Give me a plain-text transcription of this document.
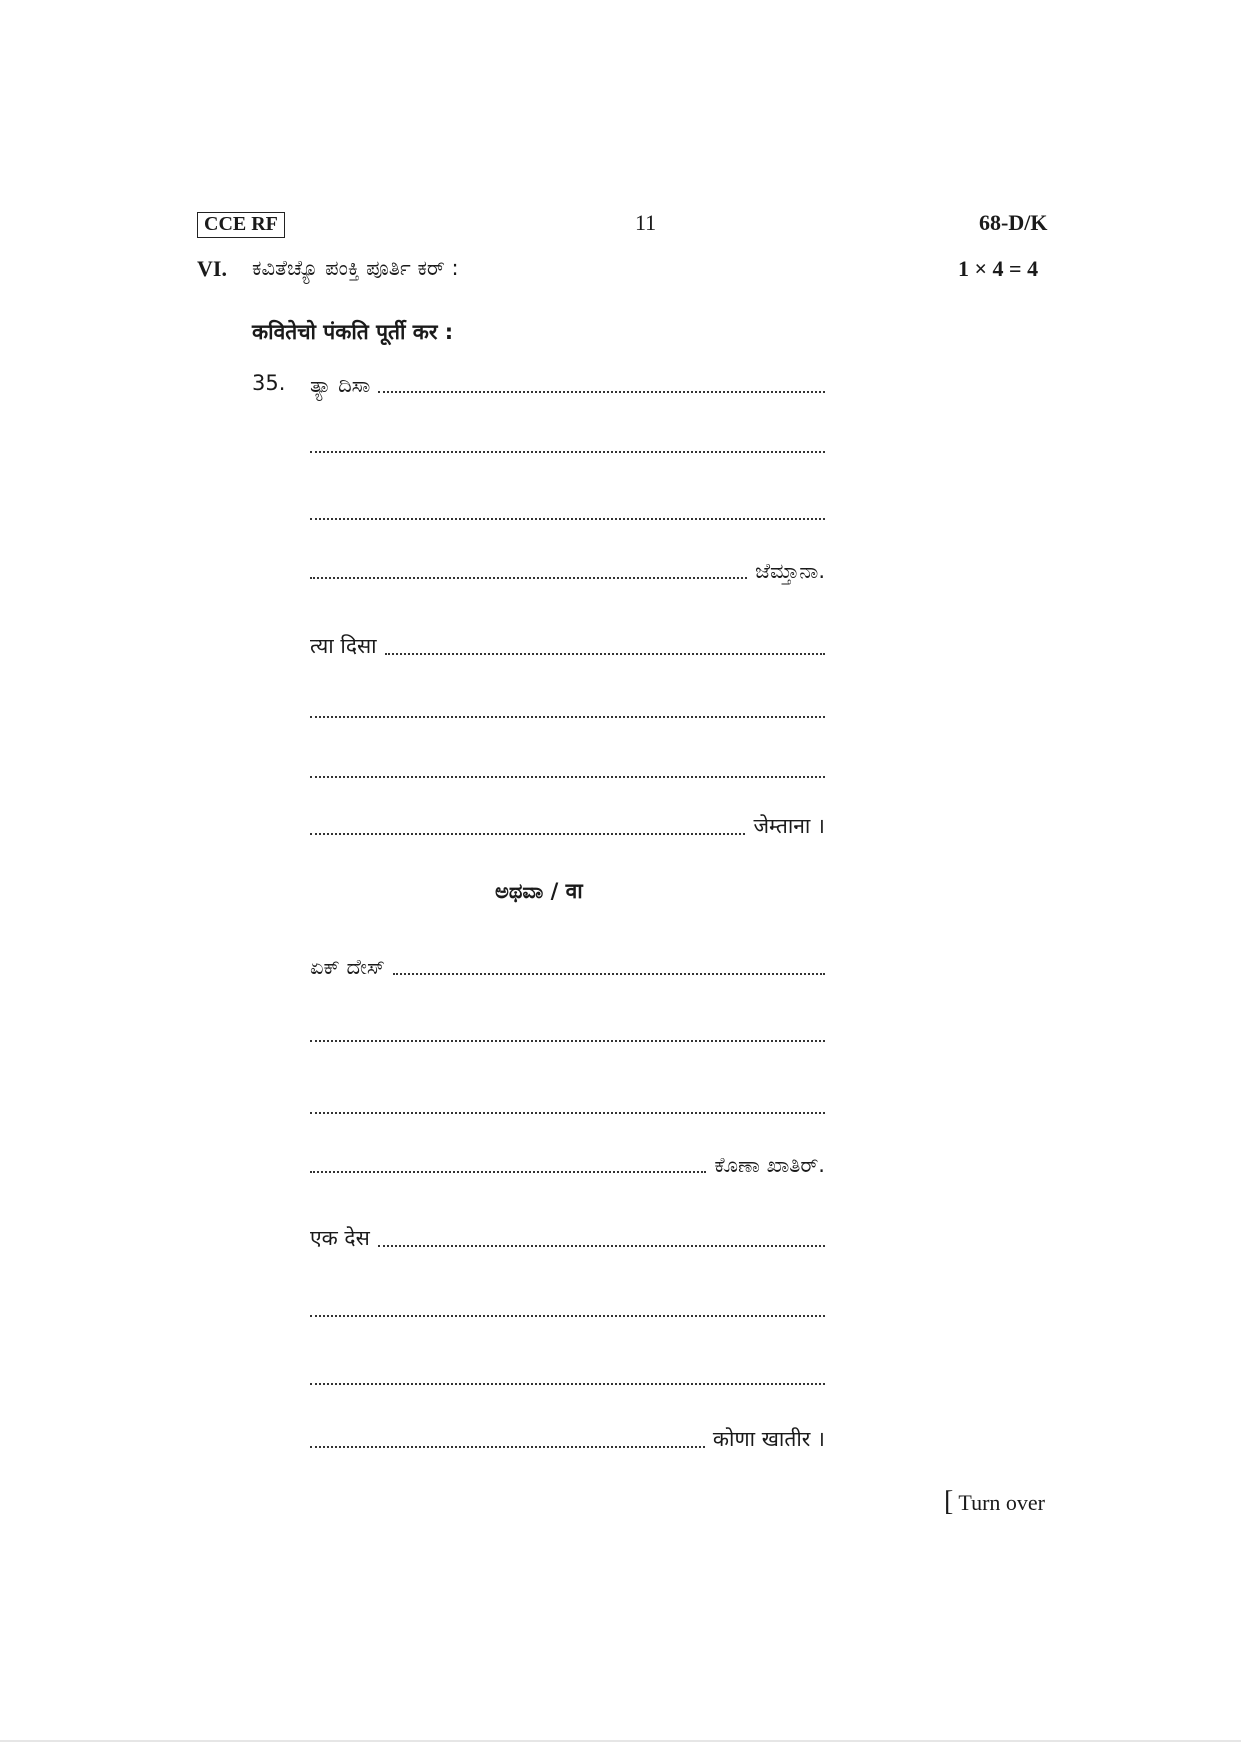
CCE RF	11	68-D/K
VI. ಕವಿತೆಚ್ಯೊ ಪಂಕ್ತಿ ಪೂರ್ತಿ ಕರ್ :	1 × 4 = 4
कवितेचो पंकति पूर्ती कर :
35. ತ್ಯಾ ದಿಸಾ
ಜೆಮ್ತಾನಾ.
त्या दिसा
जेम्ताना ।
ಅಥವಾ / वा
ಏಕ್ ದೇಸ್
ಕೊಣಾ ಖಾತಿರ್.
एक देस
कोणा खातीर ।
[ Turn over
